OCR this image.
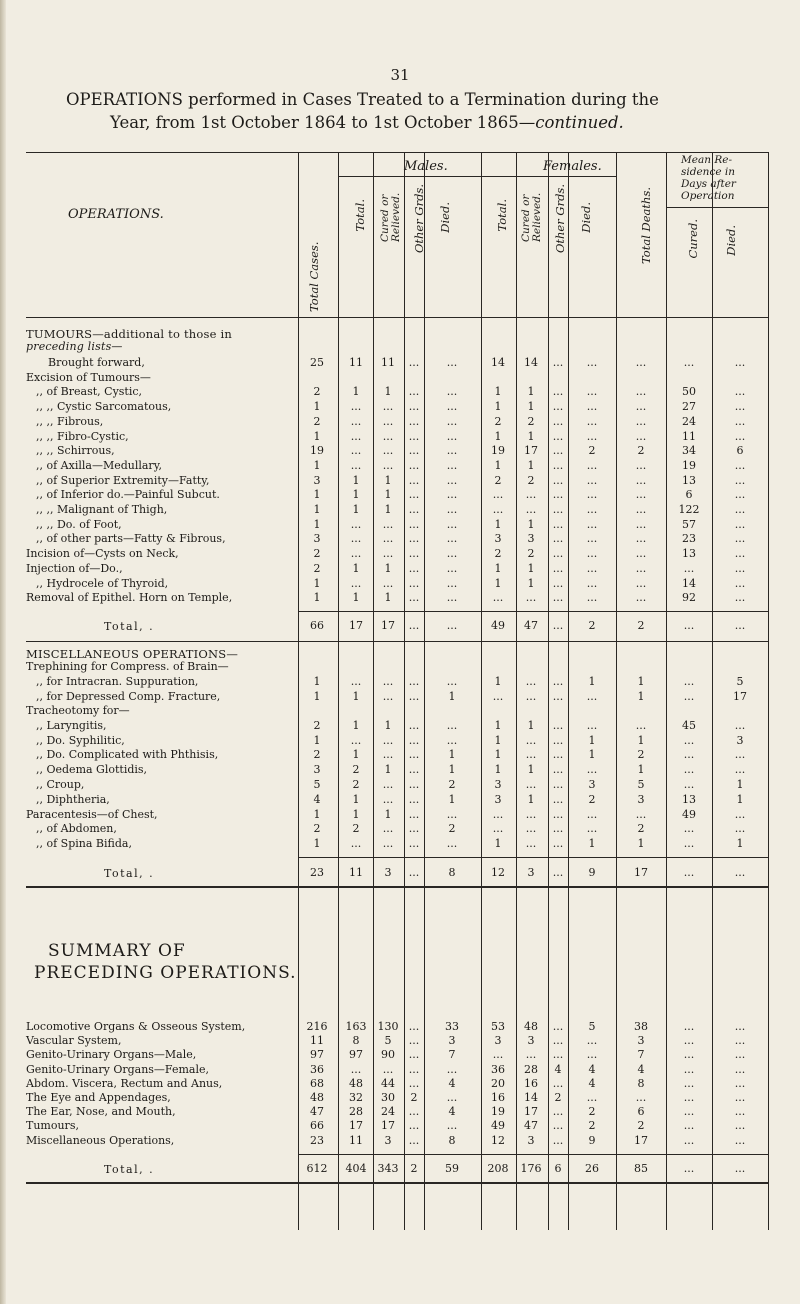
31
OPERATIONS performed in Cases Treated to a Termination during the
Year, from 1st October 1864 to 1st October 1865—continued.
OPERATIONS.
Total Cases.
Males.	Females.
Total. Cured or Relieved. Other Grds. Died.	Total. Cured or Relieved. Other Grds. Died.	Total Deaths.
Mean Re-
sidence in
Days after
Operation
Cured. Died.
TUMOURS—additional to those in
preceding lists—
Brought forward,	25	11	11	...	...	14	14	...	...	...	...	...
Excision of Tumours—
,, of Breast, Cystic,	2	1	1	...	...	1	1	...	...	...	50	...
,, ,, Cystic Sarcomatous,	1	...	...	...	...	1	1	...	...	...	27	...
,, ,, Fibrous,	2	...	...	...	...	2	2	...	...	...	24	...
,, ,, Fibro-Cystic,	1	...	...	...	...	1	1	...	...	...	11	...
,, ,, Schirrous,	19	...	...	...	...	19	17	...	2	2	34	6
,, of Axilla—Medullary,	1	...	...	...	...	1	1	...	...	...	19	...
,, of Superior Extremity—Fatty,	3	1	1	...	...	2	2	...	...	...	13	...
,, of Inferior do.—Painful Subcut.	1	1	1	...	...	...	...	...	...	...	6	...
,, ,, Malignant of Thigh,	1	1	1	...	...	...	...	...	...	...	122	...
,, ,, Do. of Foot,	1	...	...	...	...	1	1	...	...	...	57	...
,, of other parts—Fatty & Fibrous,	3	...	...	...	...	3	3	...	...	...	23	...
Incision of—Cysts on Neck,	2	...	...	...	...	2	2	...	...	...	13	...
Injection of—Do.,	2	1	1	...	...	1	1	...	...	...	...	...
,, Hydrocele of Thyroid,	1	...	...	...	...	1	1	...	...	...	14	...
Removal of Epithel. Horn on Temple,	1	1	1	...	...	...	...	...	...	...	92	...
Total, .	66	17	17	...	...	49	47	...	2	2	...	...
MISCELLANEOUS OPERATIONS—
Trephining for Compress. of Brain—
,, for Intracran. Suppuration,	1	...	...	...	...	1	...	...	1	1	...	5
,, for Depressed Comp. Fracture,	1	1	...	...	1	...	...	...	...	1	...	17
Tracheotomy for—
,, Laryngitis,	2	1	1	...	...	1	1	...	...	...	45	...
,, Do. Syphilitic,	1	...	...	...	...	1	...	...	1	1	...	3
,, Do. Complicated with Phthisis,	2	1	...	...	1	1	...	...	1	2	...	...
,, Oedema Glottidis,	3	2	1	...	1	1	1	...	...	1	...	...
,, Croup,	5	2	...	...	2	3	...	...	3	5	...	1
,, Diphtheria,	4	1	...	...	1	3	1	...	2	3	13	1
Paracentesis—of Chest,	1	1	1	...	...	...	...	...	...	...	49	...
,, of Abdomen,	2	2	...	...	2	...	...	...	...	2	...	...
,, of Spina Bifida,	1	...	...	...	...	1	...	...	1	1	...	1
Total, .	23	11	3	...	8	12	3	...	9	17	...	...
SUMMARY OF
PRECEDING OPERATIONS.
Locomotive Organs & Osseous System,	216	163	130 ...	33	53	48	...	5	38	...	...
Vascular System,	11	8	5	...	3	3	3	...	...	3	...	...
Genito-Urinary Organs—Male,	97	97	90	...	7	...	...	...	...	7	...	...
Genito-Urinary Organs—Female,	36	...	...	...	...	36	28	4	4	4	...	...
Abdom. Viscera, Rectum and Anus,	68	48	44	...	4	20	16	...	4	8	...	...
The Eye and Appendages,	48	32	30	2	...	16	14	2	...	...	...	...
The Ear, Nose, and Mouth,	47	28	24	...	4	19	17	...	2	6	...	...
Tumours,	66	17	17	...	...	49	47	...	2	2	...	...
Miscellaneous Operations,	23	11	3	...	8	12	3	...	9	17	...	...
Total, .	612	404	343	2	59	208	176	6	26	85	...	...
